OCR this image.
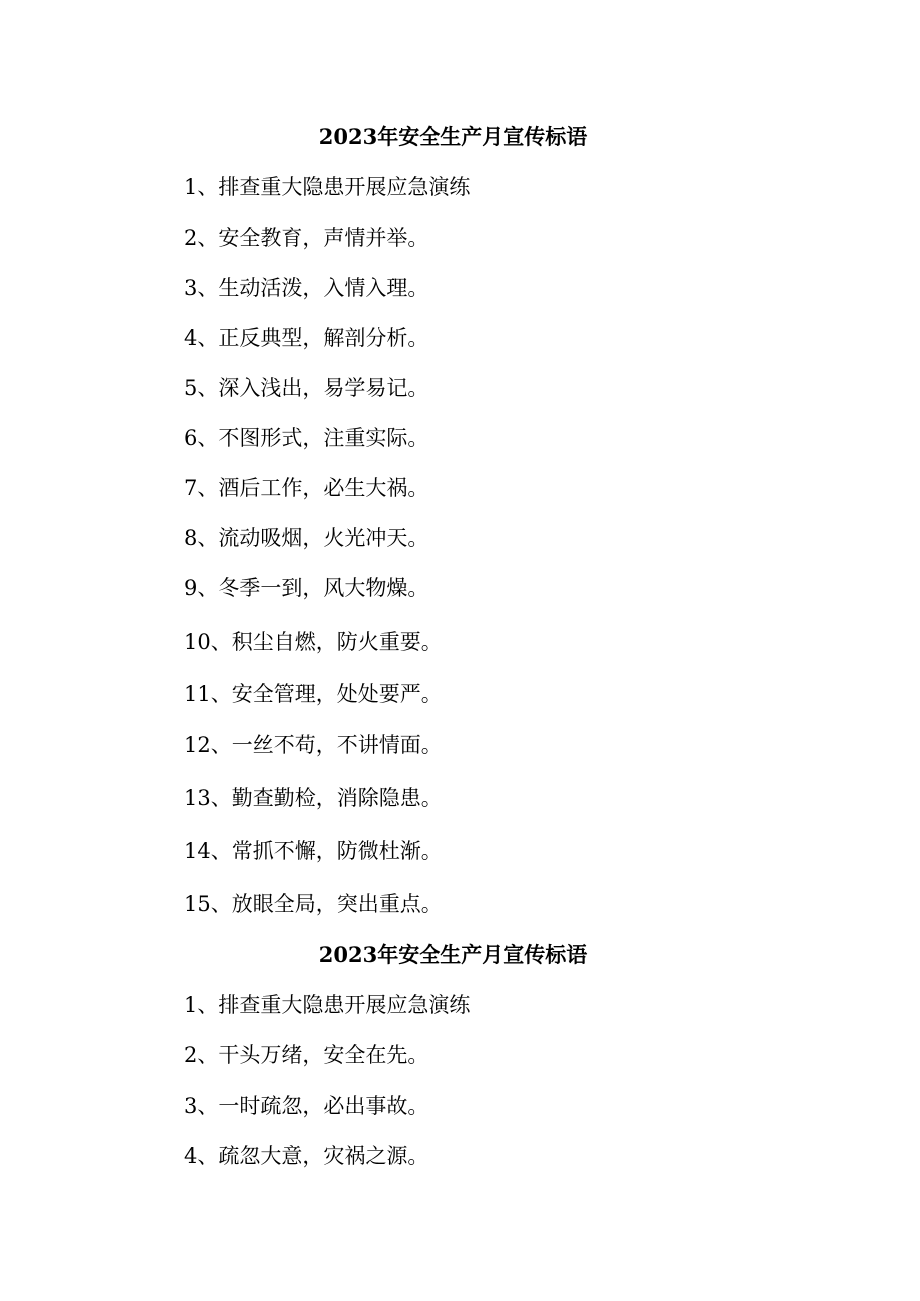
2023年安全生产月宣传标语
1、排查重大隐患开展应急演练
2、安全教育，声情并举。
3、生动活泼，入情入理。
4、正反典型，解剖分析。
5、深入浅出，易学易记。
6、不图形式，注重实际。
7、酒后工作，必生大祸。
8、流动吸烟，火光冲天。
9、冬季一到，风大物燥。
10、积尘自燃，防火重要。
11、安全管理，处处要严。
12、一丝不苟，不讲情面。
13、勤查勤检，消除隐患。
14、常抓不懈，防微杜渐。
15、放眼全局，突出重点。
2023年安全生产月宣传标语
1、排查重大隐患开展应急演练
2、干头万绪，安全在先。
3、一时疏忽，必出事故。
4、疏忽大意，灾祸之源。
